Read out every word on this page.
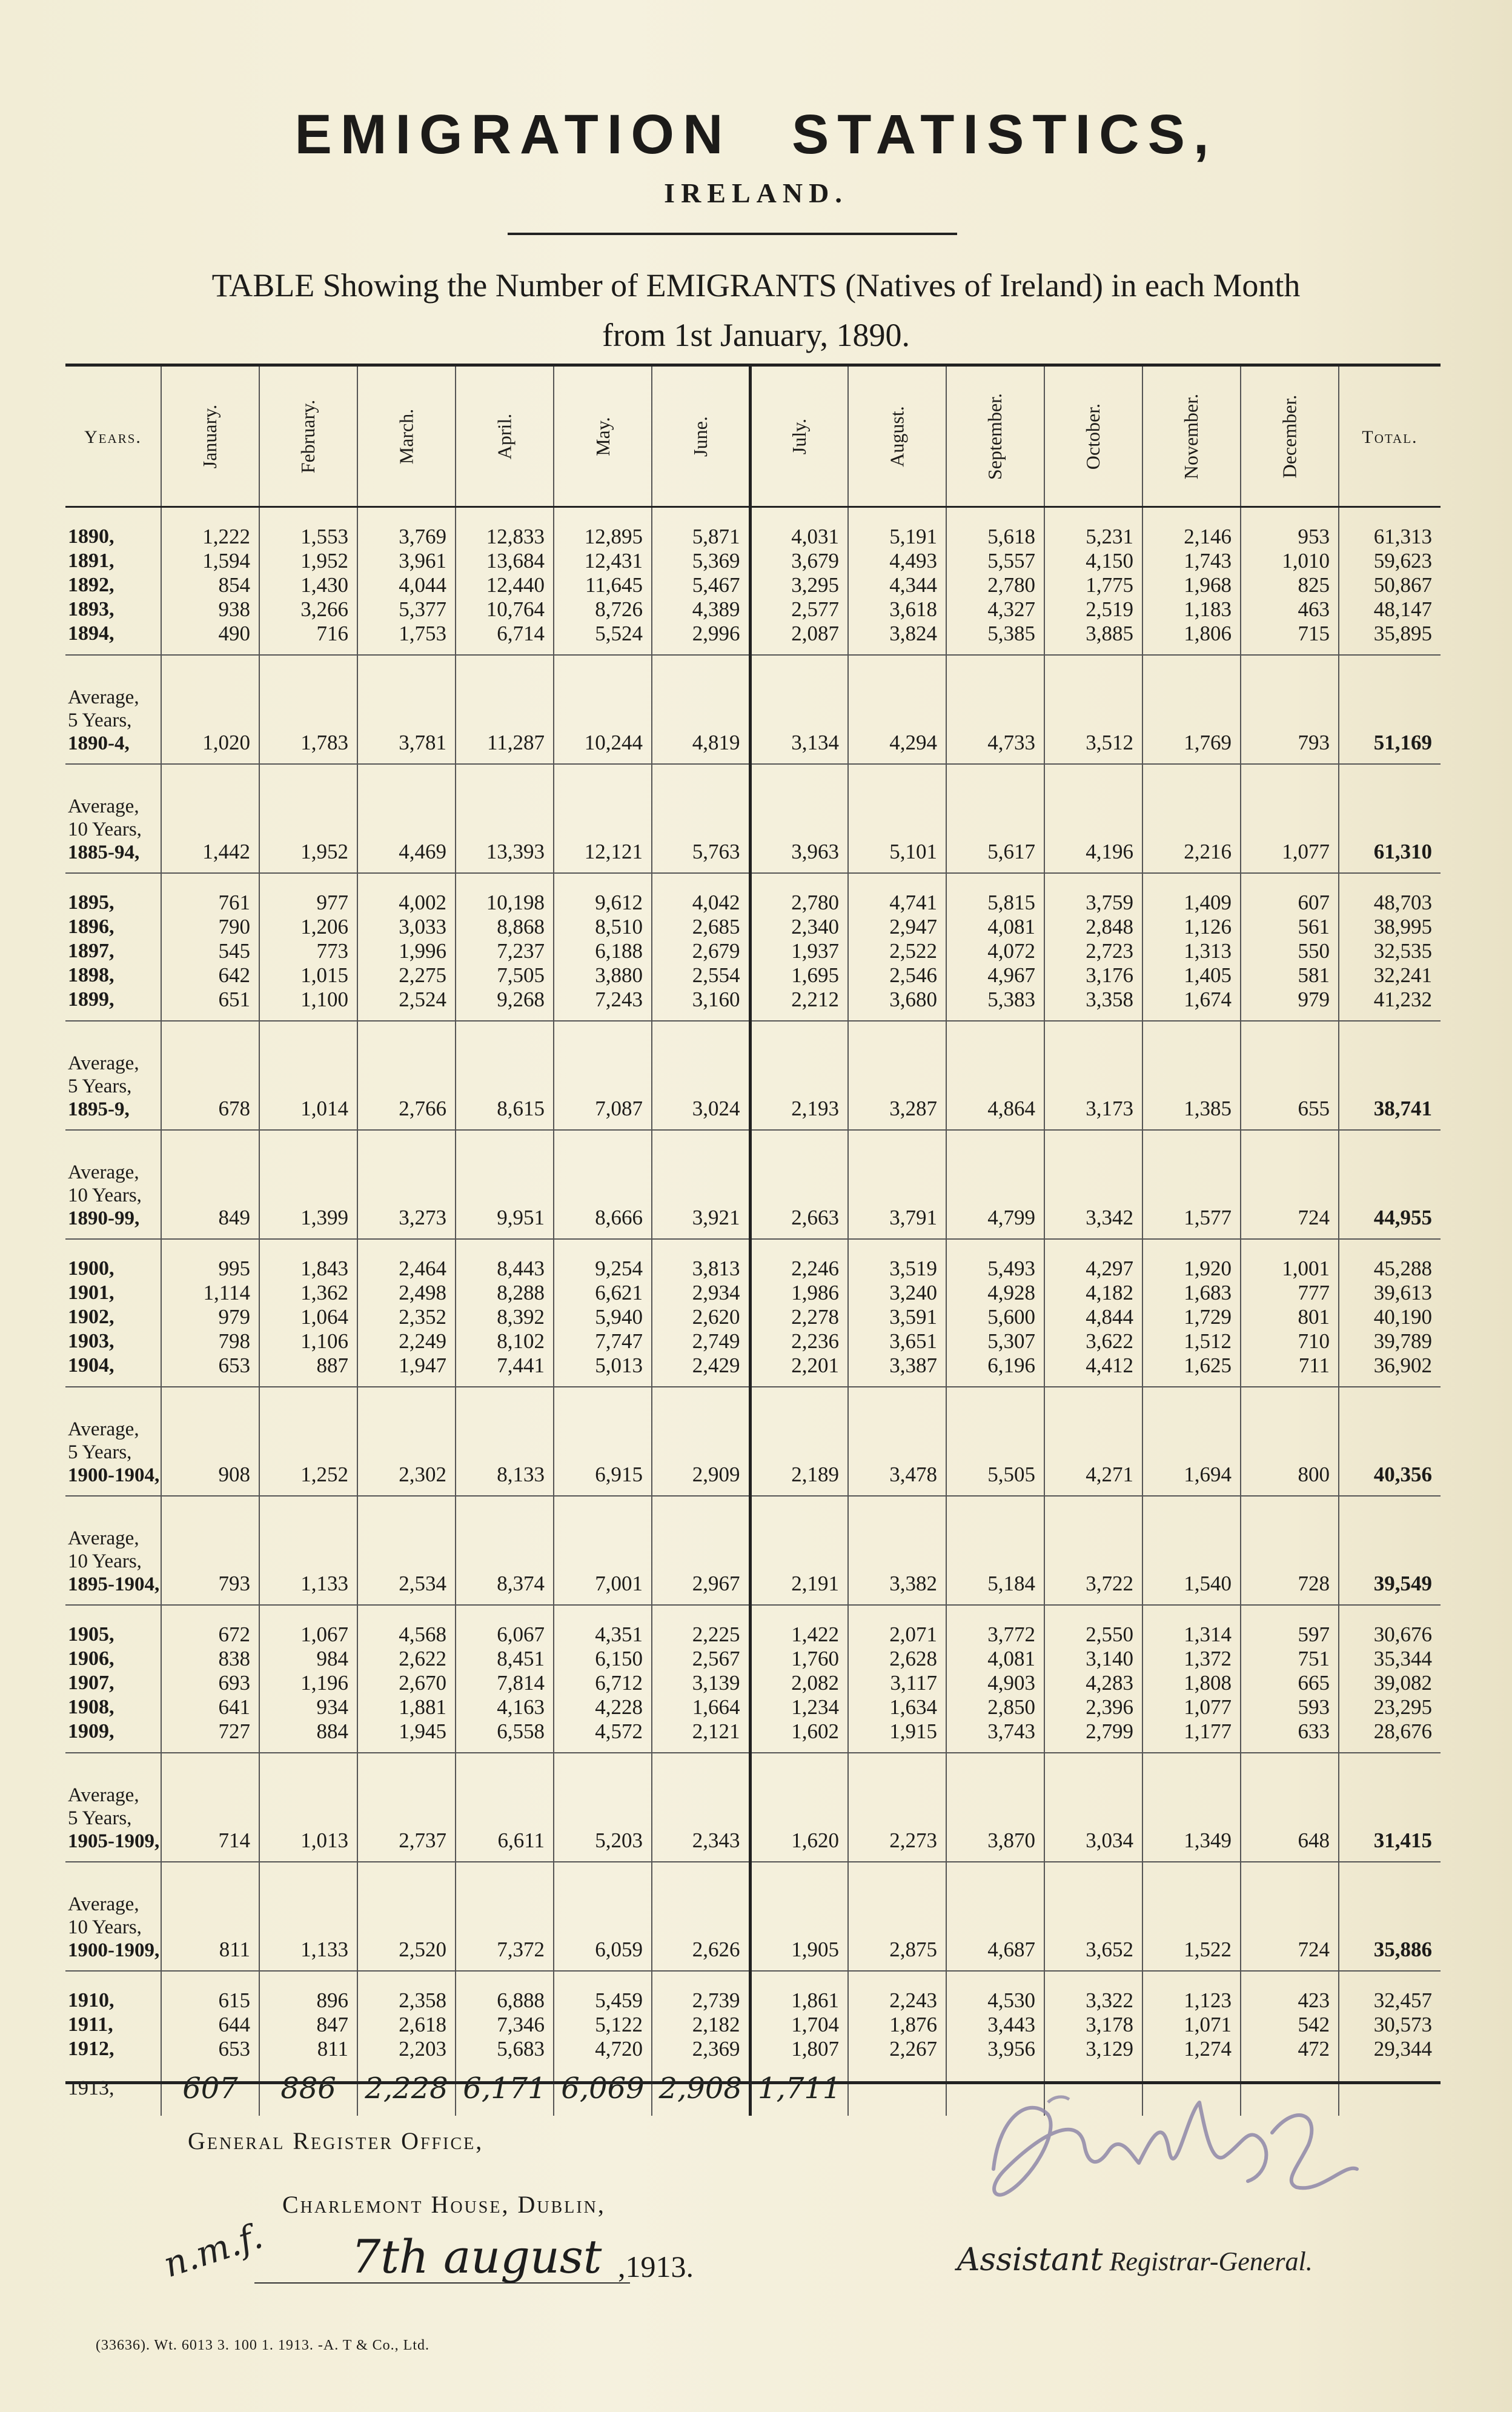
EMIGRATION STATISTICS,
IRELAND.
TABLE Showing the Number of EMIGRANTS (Natives of Ireland) in each Month
from 1st January, 1890.
Years.	January.	February.	March.	April.	May.	June.	July.	August.	September.	October.	November.	December.	Total.
1890,	1,222	1,553	3,769	12,833	12,895	5,871	4,031	5,191	5,618	5,231	2,146	953	61,313
1891,	1,594	1,952	3,961	13,684	12,431	5,369	3,679	4,493	5,557	4,150	1,743	1,010	59,623
1892,	854	1,430	4,044	12,440	11,645	5,467	3,295	4,344	2,780	1,775	1,968	825	50,867
1893,	938	3,266	5,377	10,764	8,726	4,389	2,577	3,618	4,327	2,519	1,183	463	48,147
1894,	490	716	1,753	6,714	5,524	2,996	2,087	3,824	5,385	3,885	1,806	715	35,895

Average,
5 Years,
1890-4,	1,020	1,783	3,781	11,287	10,244	4,819	3,134	4,294	4,733	3,512	1,769	793	51,169

Average,
10 Years,
1885-94,	1,442	1,952	4,469	13,393	12,121	5,763	3,963	5,101	5,617	4,196	2,216	1,077	61,310
1895,	761	977	4,002	10,198	9,612	4,042	2,780	4,741	5,815	3,759	1,409	607	48,703
1896,	790	1,206	3,033	8,868	8,510	2,685	2,340	2,947	4,081	2,848	1,126	561	38,995
1897,	545	773	1,996	7,237	6,188	2,679	1,937	2,522	4,072	2,723	1,313	550	32,535
1898,	642	1,015	2,275	7,505	3,880	2,554	1,695	2,546	4,967	3,176	1,405	581	32,241
1899,	651	1,100	2,524	9,268	7,243	3,160	2,212	3,680	5,383	3,358	1,674	979	41,232

Average,
5 Years,
1895-9,	678	1,014	2,766	8,615	7,087	3,024	2,193	3,287	4,864	3,173	1,385	655	38,741

Average,
10 Years,
1890-99,	849	1,399	3,273	9,951	8,666	3,921	2,663	3,791	4,799	3,342	1,577	724	44,955
1900,	995	1,843	2,464	8,443	9,254	3,813	2,246	3,519	5,493	4,297	1,920	1,001	45,288
1901,	1,114	1,362	2,498	8,288	6,621	2,934	1,986	3,240	4,928	4,182	1,683	777	39,613
1902,	979	1,064	2,352	8,392	5,940	2,620	2,278	3,591	5,600	4,844	1,729	801	40,190
1903,	798	1,106	2,249	8,102	7,747	2,749	2,236	3,651	5,307	3,622	1,512	710	39,789
1904,	653	887	1,947	7,441	5,013	2,429	2,201	3,387	6,196	4,412	1,625	711	36,902

Average,
5 Years,
1900-1904,	908	1,252	2,302	8,133	6,915	2,909	2,189	3,478	5,505	4,271	1,694	800	40,356

Average,
10 Years,
1895-1904,	793	1,133	2,534	8,374	7,001	2,967	2,191	3,382	5,184	3,722	1,540	728	39,549
1905,	672	1,067	4,568	6,067	4,351	2,225	1,422	2,071	3,772	2,550	1,314	597	30,676
1906,	838	984	2,622	8,451	6,150	2,567	1,760	2,628	4,081	3,140	1,372	751	35,344
1907,	693	1,196	2,670	7,814	6,712	3,139	2,082	3,117	4,903	4,283	1,808	665	39,082
1908,	641	934	1,881	4,163	4,228	1,664	1,234	1,634	2,850	2,396	1,077	593	23,295
1909,	727	884	1,945	6,558	4,572	2,121	1,602	1,915	3,743	2,799	1,177	633	28,676

Average,
5 Years,
1905-1909,	714	1,013	2,737	6,611	5,203	2,343	1,620	2,273	3,870	3,034	1,349	648	31,415

Average,
10 Years,
1900-1909,	811	1,133	2,520	7,372	6,059	2,626	1,905	2,875	4,687	3,652	1,522	724	35,886
1910,	615	896	2,358	6,888	5,459	2,739	1,861	2,243	4,530	3,322	1,123	423	32,457
1911,	644	847	2,618	7,346	5,122	2,182	1,704	1,876	3,443	3,178	1,071	542	30,573
1912,	653	811	2,203	5,683	4,720	2,369	1,807	2,267	3,956	3,129	1,274	472	29,344
1913,	607	886	2,228	6,171	6,069	2,908	1,711						
General Register Office,
n.m.f.
Charlemont House, Dublin,
7th august ,1913.	Assistant Registrar-General.
(33636). Wt. 6013 3. 100 1. 1913. -A. T & Co., Ltd.
